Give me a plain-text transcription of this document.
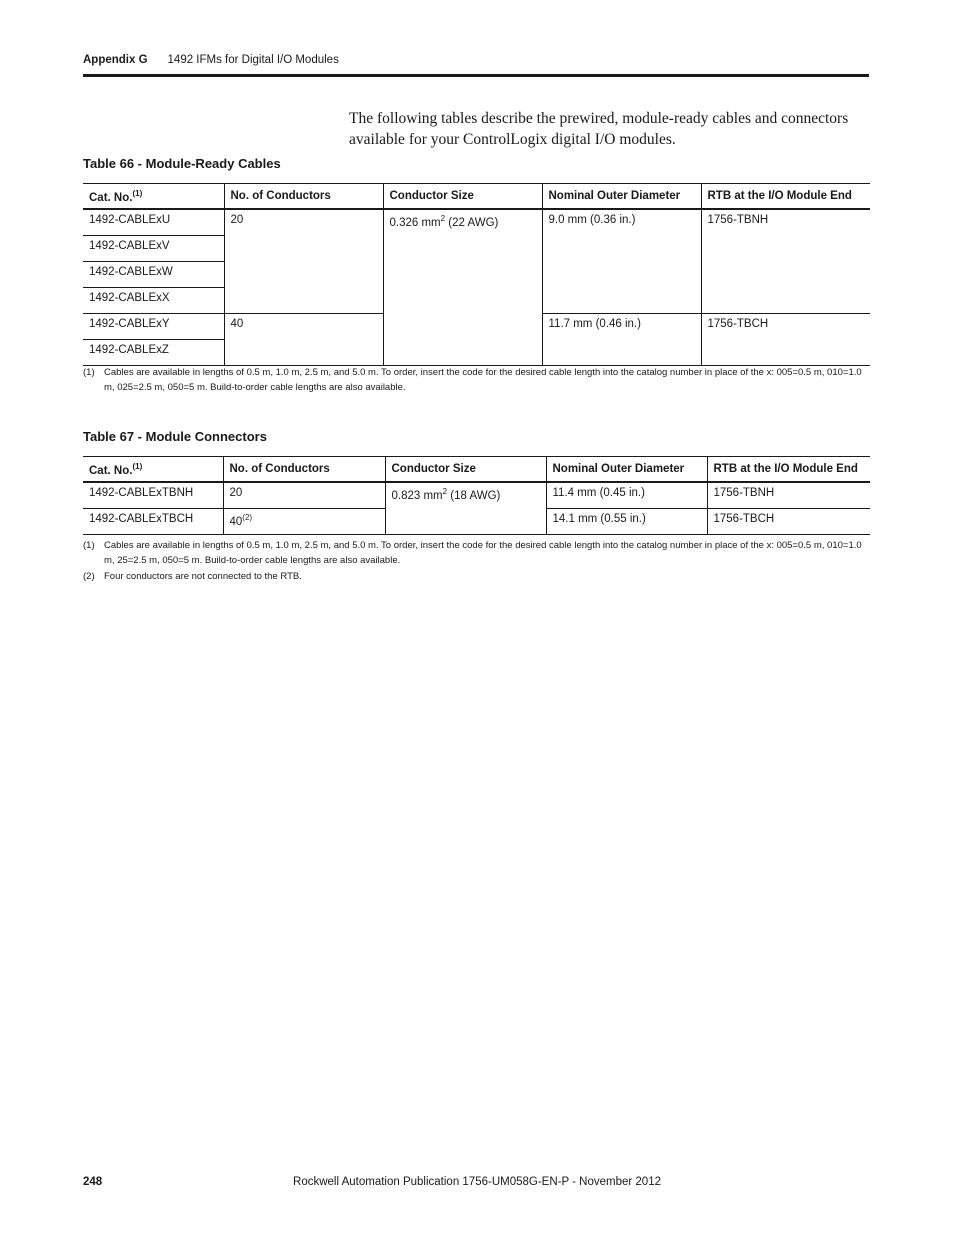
Appendix G 1492 IFMs for Digital I/O Modules
The following tables describe the prewired, module-ready cables and connectors available for your ControlLogix digital I/O modules.
Table 66 - Module-Ready Cables
Cat. No.$^{(1)}$	No. of Conductors	Conductor Size	Nominal Outer Diameter	RTB at the I/O Module End
1492-CABLExU	20	0.326 $mm^2$ (22 AWG)	9.0 mm (0.36 in.)	1756-TBNH
1492-CABLExV				
1492-CABLExW				
1492-CABLExX				
1492-CABLExY	40		11.7 mm (0.46 in.)	1756-TBCH
1492-CABLExZ				
(1) Cables are available in lengths of 0.5 m, 1.0 m, 2.5 m, and 5.0 m. To order, insert the code for the desired cable length into the catalog number in place of the x: 005=0.5 m, 010=1.0 m, 025=2.5 m, 050=5 m. Build-to-order cable lengths are also available.
Table 67 - Module Connectors
Cat. No.$^{(1)}$	No. of Conductors	Conductor Size	Nominal Outer Diameter	RTB at the I/O Module End
1492-CABLExTBNH	20	0.823 $mm^2$ (18 AWG)	11.4 mm (0.45 in.)	1756-TBNH
1492-CABLExTBCH	40$^{(2)}$		14.1 mm (0.55 in.)	1756-TBCH
(1) Cables are available in lengths of 0.5 m, 1.0 m, 2.5 m, and 5.0 m. To order, insert the code for the desired cable length into the catalog number in place of the x: 005=0.5 m, 010=1.0 m, 25=2.5 m, 050=5 m. Build-to-order cable lengths are also available.
(2) Four conductors are not connected to the RTB.
248	Rockwell Automation Publication 1756-UM058G-EN-P - November 2012
